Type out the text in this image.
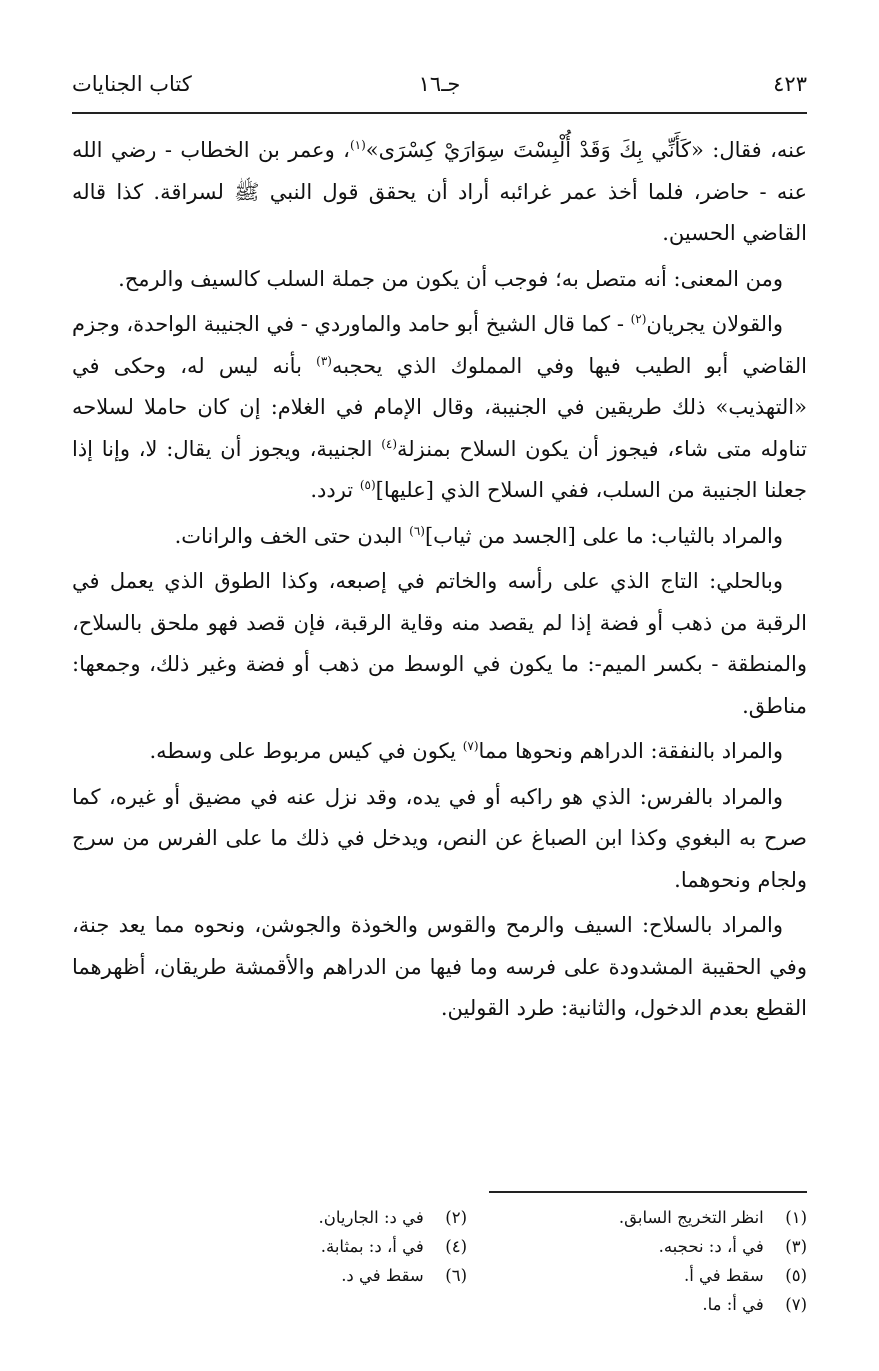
٤٢٣
جـ١٦
كتاب الجنايات

عنه، فقال: «كَأَنِّي بِكَ وَقَدْ أُلْبِسْتَ سِوَارَيْ كِسْرَى»$^{(١)}$، وعمر بن الخطاب - رضي الله عنه - حاضر، فلما أخذ عمر غرائبه أراد أن يحقق قول النبي ﷺ لسراقة. كذا قاله القاضي الحسين.

ومن المعنى: أنه متصل به؛ فوجب أن يكون من جملة السلب كالسيف والرمح.

والقولان يجريان$^{(٢)}$ - كما قال الشيخ أبو حامد والماوردي - في الجنيبة الواحدة، وجزم القاضي أبو الطيب فيها وفي المملوك الذي يحجبه$^{(٣)}$ بأنه ليس له، وحكى في «التهذيب» ذلك طريقين في الجنيبة، وقال الإمام في الغلام: إن كان حاملا لسلاحه تناوله متى شاء، فيجوز أن يكون السلاح بمنزلة$^{(٤)}$ الجنيبة، ويجوز أن يقال: لا، وإنا إذا جعلنا الجنيبة من السلب، ففي السلاح الذي [عليها]$^{(٥)}$ تردد.

والمراد بالثياب: ما على [الجسد من ثياب]$^{(٦)}$ البدن حتى الخف والرانات.

وبالحلي: التاج الذي على رأسه والخاتم في إصبعه، وكذا الطوق الذي يعمل في الرقبة من ذهب أو فضة إذا لم يقصد منه وقاية الرقبة، فإن قصد فهو ملحق بالسلاح، والمنطقة - بكسر الميم-: ما يكون في الوسط من ذهب أو فضة وغير ذلك، وجمعها: مناطق.

والمراد بالنفقة: الدراهم ونحوها مما$^{(٧)}$ يكون في كيس مربوط على وسطه.

والمراد بالفرس: الذي هو راكبه أو في يده، وقد نزل عنه في مضيق أو غيره، كما صرح به البغوي وكذا ابن الصباغ عن النص، ويدخل في ذلك ما على الفرس من سرج ولجام ونحوهما.

والمراد بالسلاح: السيف والرمح والقوس والخوذة والجوشن، ونحوه مما يعد جنة، وفي الحقيبة المشدودة على فرسه وما فيها من الدراهم والأقمشة طريقان، أظهرهما القطع بعدم الدخول، والثانية: طرد القولين.

(١) انظر التخريج السابق.
(٣) في أ، د: نحجبه.
(٥) سقط في أ.
(٧) في أ: ما.
(٢) في د: الجاريان.
(٤) في أ، د: بمثابة.
(٦) سقط في د.
